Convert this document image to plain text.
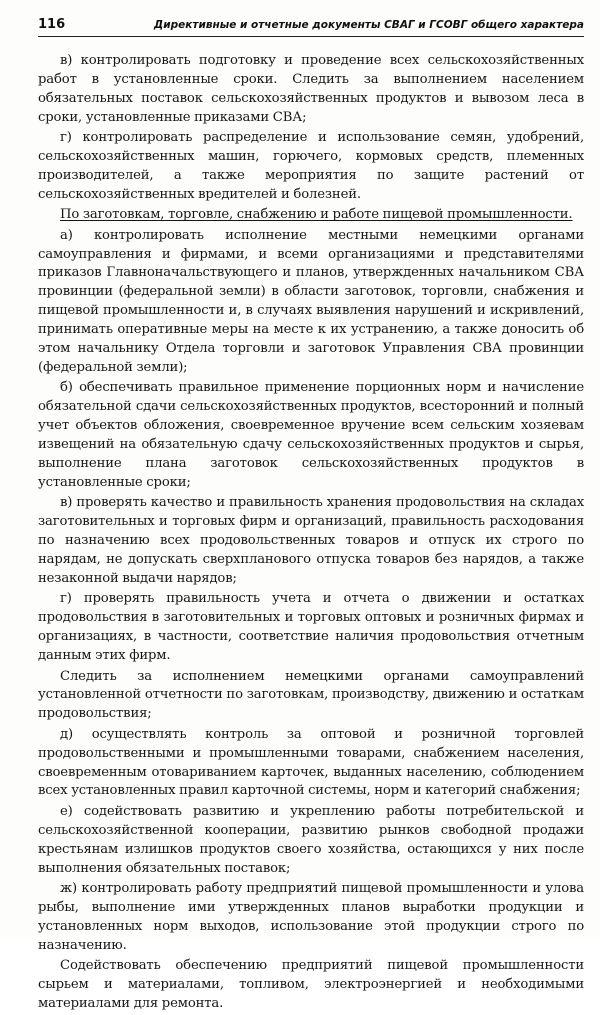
116	Директивные и отчетные документы СВАГ и ГСОВГ общего характера

в) контролировать подготовку и проведение всех сельскохозяйственных работ в установленные сроки. Следить за выполнением населением обязательных поставок сельскохозяйственных продуктов и вывозом леса в сроки, установленные приказами СВА;

г) контролировать распределение и использование семян, удобрений, сельскохозяйственных машин, горючего, кормовых средств, племенных производителей, а также мероприятия по защите растений от сельскохозяйственных вредителей и болезней.

По заготовкам, торговле, снабжению и работе пищевой промышленности.

а) контролировать исполнение местными немецкими органами самоуправления и фирмами, и всеми организациями и представителями приказов Главноначальствующего и планов, утвержденных начальником СВА провинции (федеральной земли) в области заготовок, торговли, снабжения и пищевой промышленности и, в случаях выявления нарушений и искривлений, принимать оперативные меры на месте к их устранению, а также доносить об этом начальнику Отдела торговли и заготовок Управления СВА провинции (федеральной земли);

б) обеспечивать правильное применение порционных норм и начисление обязательной сдачи сельскохозяйственных продуктов, всесторонний и полный учет объектов обложения, своевременное вручение всем сельским хозяевам извещений на обязательную сдачу сельскохозяйственных продуктов и сырья, выполнение плана заготовок сельскохозяйственных продуктов в установленные сроки;

в) проверять качество и правильность хранения продовольствия на складах заготовительных и торговых фирм и организаций, правильность расходования по назначению всех продовольственных товаров и отпуск их строго по нарядам, не допускать сверхпланового отпуска товаров без нарядов, а также незаконной выдачи нарядов;

г) проверять правильность учета и отчета о движении и остатках продовольствия в заготовительных и торговых оптовых и розничных фирмах и организациях, в частности, соответствие наличия продовольствия отчетным данным этих фирм.

Следить за исполнением немецкими органами самоуправлений установленной отчетности по заготовкам, производству, движению и остаткам продовольствия;

д) осуществлять контроль за оптовой и розничной торговлей продовольственными и промышленными товарами, снабжением населения, своевременным отовариванием карточек, выданных населению, соблюдением всех установленных правил карточной системы, норм и категорий снабжения;

е) содействовать развитию и укреплению работы потребительской и сельскохозяйственной кооперации, развитию рынков свободной продажи крестьянам излишков продуктов своего хозяйства, остающихся у них после выполнения обязательных поставок;

ж) контролировать работу предприятий пищевой промышленности и улова рыбы, выполнение ими утвержденных планов выработки продукции и установленных норм выходов, использование этой продукции строго по назначению.

Содействовать обеспечению предприятий пищевой промышленности сырьем и материалами, топливом, электроэнергией и необходимыми материалами для ремонта.
